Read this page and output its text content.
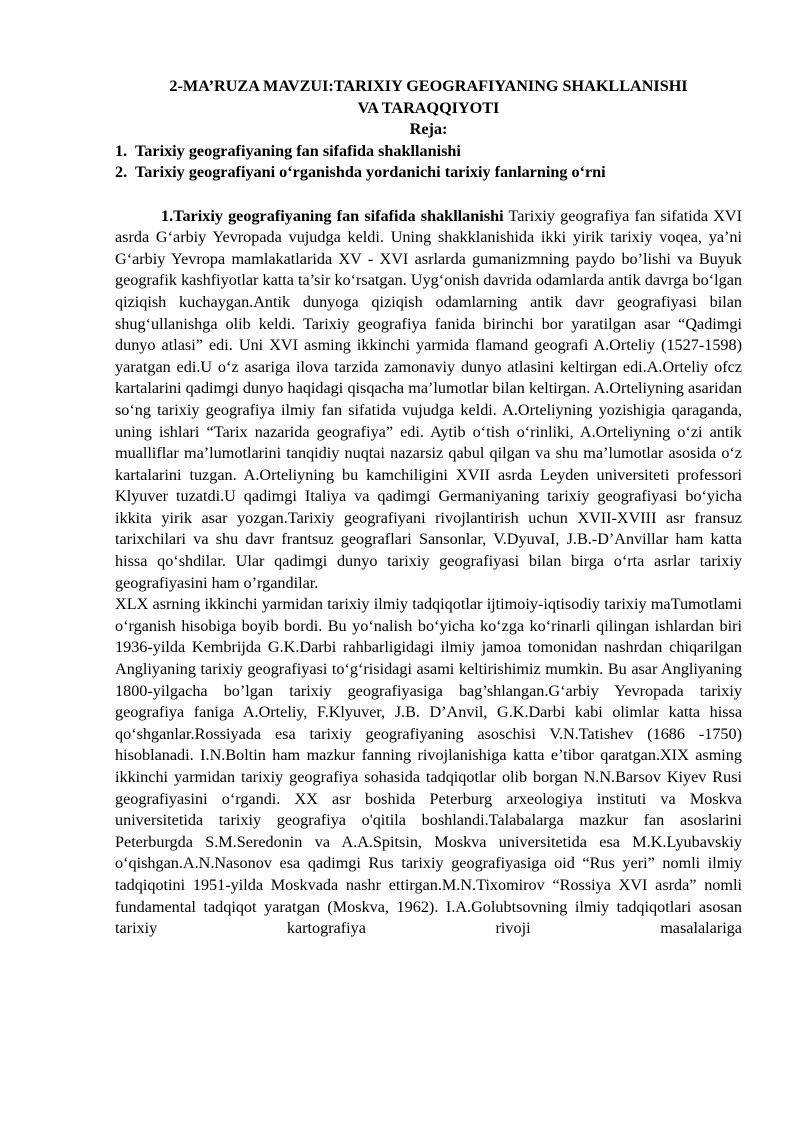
2-MA’RUZA MAVZUI:TARIXIY GEOGRAFIYANING SHAKLLANISHI
VA TARAQQIYOTI
Reja:

1. Tarixiy geografiyaning fan sifafida shakllanishi
2. Tarixiy geografiyani o‘rganishda yordanichi tarixiy fanlarning o‘rni

1.Tarixiy geografiyaning fan sifafida shakllanishi Tarixiy geografiya fan sifatida XVI asrda G‘arbiy Yevropada vujudga keldi. Uning shakklanishida ikki yirik tarixiy voqea, ya’ni G‘arbiy Yevropa mamlakatlarida XV - XVI asrlarda gumanizmning paydo bo’lishi va Buyuk geografik kashfiyotlar katta ta’sir ko‘rsatgan. Uyg‘onish davrida odamlarda antik davrga bo‘lgan qiziqish kuchaygan.Antik dunyoga qiziqish odamlarning antik davr geografiyasi bilan shug‘ullanishga olib keldi. Tarixiy geografiya fanida birinchi bor yaratilgan asar “Qadimgi dunyo atlasi” edi. Uni XVI asming ikkinchi yarmida flamand geografi A.Orteliy (1527-1598) yaratgan edi.U o‘z asariga ilova tarzida zamonaviy dunyo atlasini keltirgan edi.A.Orteliy ofcz kartalarini qadimgi dunyo haqidagi qisqacha ma’lumotlar bilan keltirgan. A.Orteliyning asaridan so‘ng tarixiy geografiya ilmiy fan sifatida vujudga keldi. A.Orteliyning yozishigia qaraganda, uning ishlari “Tarix nazarida geografiya” edi. Aytib o‘tish o‘rinliki, A.Orteliyning o‘zi antik mualliflar ma’lumotlarini tanqidiy nuqtai nazarsiz qabul qilgan va shu ma’lumotlar asosida o‘z kartalarini tuzgan. A.Orteliyning bu kamchiligini XVII asrda Leyden universiteti professori Klyuver tuzatdi.U qadimgi Italiya va qadimgi Germaniyaning tarixiy geografiyasi bo‘yicha ikkita yirik asar yozgan.Tarixiy geografiyani rivojlantirish uchun XVII-XVIII asr fransuz tarixchilari va shu davr frantsuz geograflari Sansonlar, V.DyuvaI, J.B.-D’Anvillar ham katta hissa qo‘shdilar. Ular qadimgi dunyo tarixiy geografiyasi bilan birga o‘rta asrlar tarixiy geografiyasini ham o’rgandilar.

XLX asrning ikkinchi yarmidan tarixiy ilmiy tadqiqotlar ijtimoiy-iqtisodiy tarixiy maTumotlami o‘rganish hisobiga boyib bordi. Bu yo‘nalish bo‘yicha ko‘zga ko‘rinarli qilingan ishlardan biri 1936-yilda Kembrijda G.K.Darbi rahbarligidagi ilmiy jamoa tomonidan nashrdan chiqarilgan Angliyaning tarixiy geografiyasi to‘g‘risidagi asami keltirishimiz mumkin. Bu asar Angliyaning 1800-yilgacha bo’lgan tarixiy geografiyasiga bag’shlangan.G‘arbiy Yevropada tarixiy geografiya faniga A.Orteliy, F.Klyuver, J.B. D’Anvil, G.K.Darbi kabi olimlar katta hissa qo‘shganlar.Rossiyada esa tarixiy geografiyaning asoschisi V.N.Tatishev (1686 -1750) hisoblanadi. I.N.Boltin ham mazkur fanning rivojlanishiga katta e’tibor qaratgan.XIX asming ikkinchi yarmidan tarixiy geografiya sohasida tadqiqotlar olib borgan N.N.Barsov Kiyev Rusi geografiyasini o‘rgandi. XX asr boshida Peterburg arxeologiya instituti va Moskva universitetida tarixiy geografiya o'qitila boshlandi.Talabalarga mazkur fan asoslarini Peterburgda S.M.Seredonin va A.A.Spitsin, Moskva universitetida esa M.K.Lyubavskiy o‘qishgan.A.N.Nasonov esa qadimgi Rus tarixiy geografiyasiga oid “Rus yeri” nomli ilmiy tadqiqotini 1951-yilda Moskvada nashr ettirgan.M.N.Tixomirov “Rossiya XVI asrda” nomli fundamental tadqiqot yaratgan (Moskva, 1962). I.A.Golubtsovning ilmiy tadqiqotlari asosan tarixiy kartografiya rivoji masalalariga
